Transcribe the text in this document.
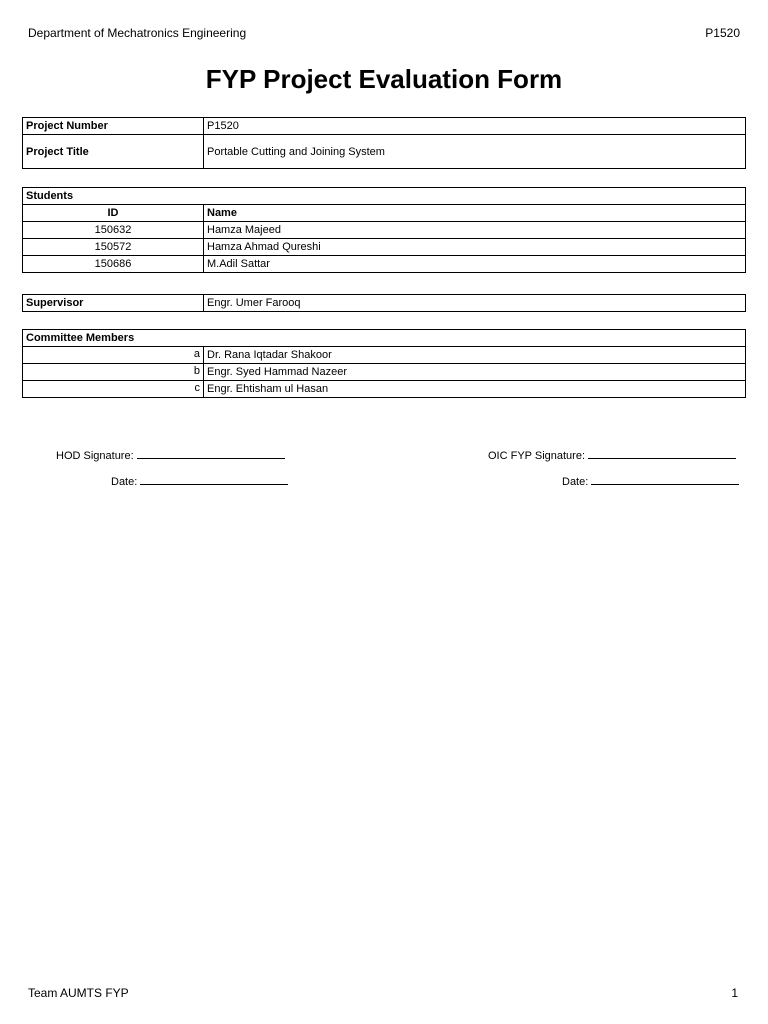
Department of Mechatronics Engineering	P1520
FYP Project Evaluation Form
Project Number	P1520
Project Title	Portable Cutting and Joining System
Students	
ID	Name
150632	Hamza Majeed
150572	Hamza Ahmad Qureshi
150686	M.Adil Sattar
Supervisor	Engr. Umer Farooq
Committee Members	
a	Dr. Rana Iqtadar Shakoor
b	Engr. Syed Hammad Nazeer
c	Engr. Ehtisham ul Hasan
HOD Signature:
Date:
OIC FYP Signature:
Date:
Team AUMTS FYP	1
